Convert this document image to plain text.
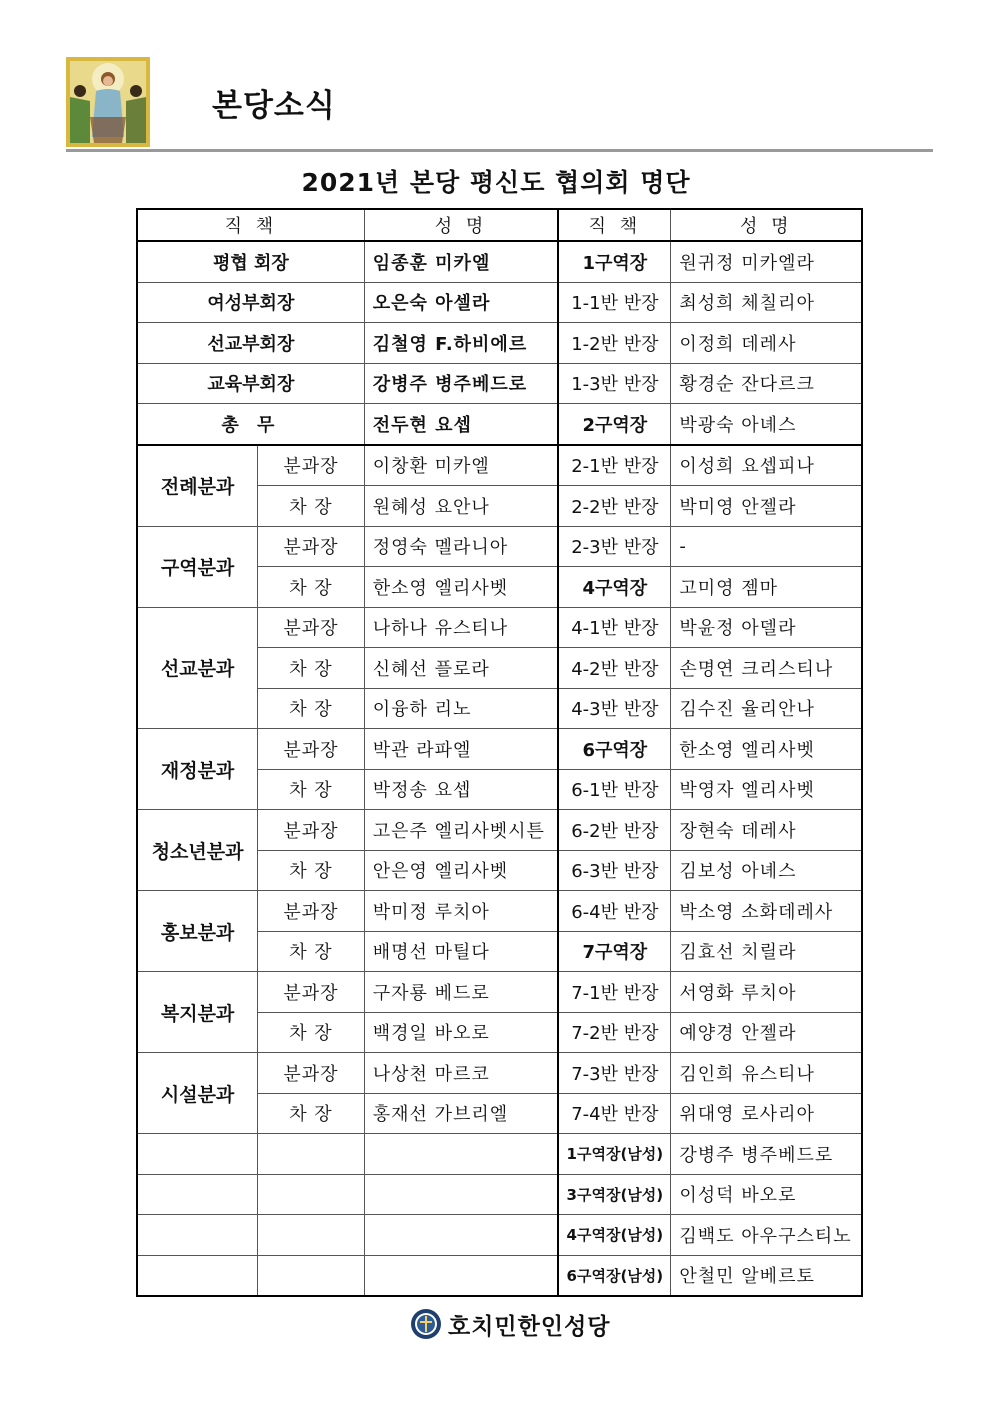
본당소식
2021년 본당 평신도 협의회 명단
직 책		성 명	직 책	성 명
평협 회장		임종훈 미카엘	1구역장	원귀정 미카엘라
여성부회장		오은숙 아셀라	1-1반 반장	최성희 체칠리아
선교부회장		김철영 F.하비에르	1-2반 반장	이정희 데레사
교육부회장		강병주 병주베드로	1-3반 반장	황경순 잔다르크
총 무		전두현 요셉	2구역장	박광숙 아녜스
전례분과	분과장	이창환 미카엘	2-1반 반장	이성희 요셉피나
	차 장	원혜성 요안나	2-2반 반장	박미영 안젤라
구역분과	분과장	정영숙 멜라니아	2-3반 반장	-
	차 장	한소영 엘리사벳	4구역장	고미영 젬마
선교분과	분과장	나하나 유스티나	4-1반 반장	박윤정 아델라
	차 장	신혜선 플로라	4-2반 반장	손명연 크리스티나
	차 장	이융하 리노	4-3반 반장	김수진 율리안나
재정분과	분과장	박관 라파엘	6구역장	한소영 엘리사벳
	차 장	박정송 요셉	6-1반 반장	박영자 엘리사벳
청소년분과	분과장	고은주 엘리사벳시튼	6-2반 반장	장현숙 데레사
	차 장	안은영 엘리사벳	6-3반 반장	김보성 아녜스
홍보분과	분과장	박미정 루치아	6-4반 반장	박소영 소화데레사
	차 장	배명선 마틸다	7구역장	김효선 치릴라
복지분과	분과장	구자룡 베드로	7-1반 반장	서영화 루치아
	차 장	백경일 바오로	7-2반 반장	예양경 안젤라
시설분과	분과장	나상천 마르코	7-3반 반장	김인희 유스티나
	차 장	홍재선 가브리엘	7-4반 반장	위대영 로사리아
			1구역장(남성)	강병주 병주베드로
			3구역장(남성)	이성덕 바오로
			4구역장(남성)	김백도 아우구스티노
			6구역장(남성)	안철민 알베르토
호치민한인성당
